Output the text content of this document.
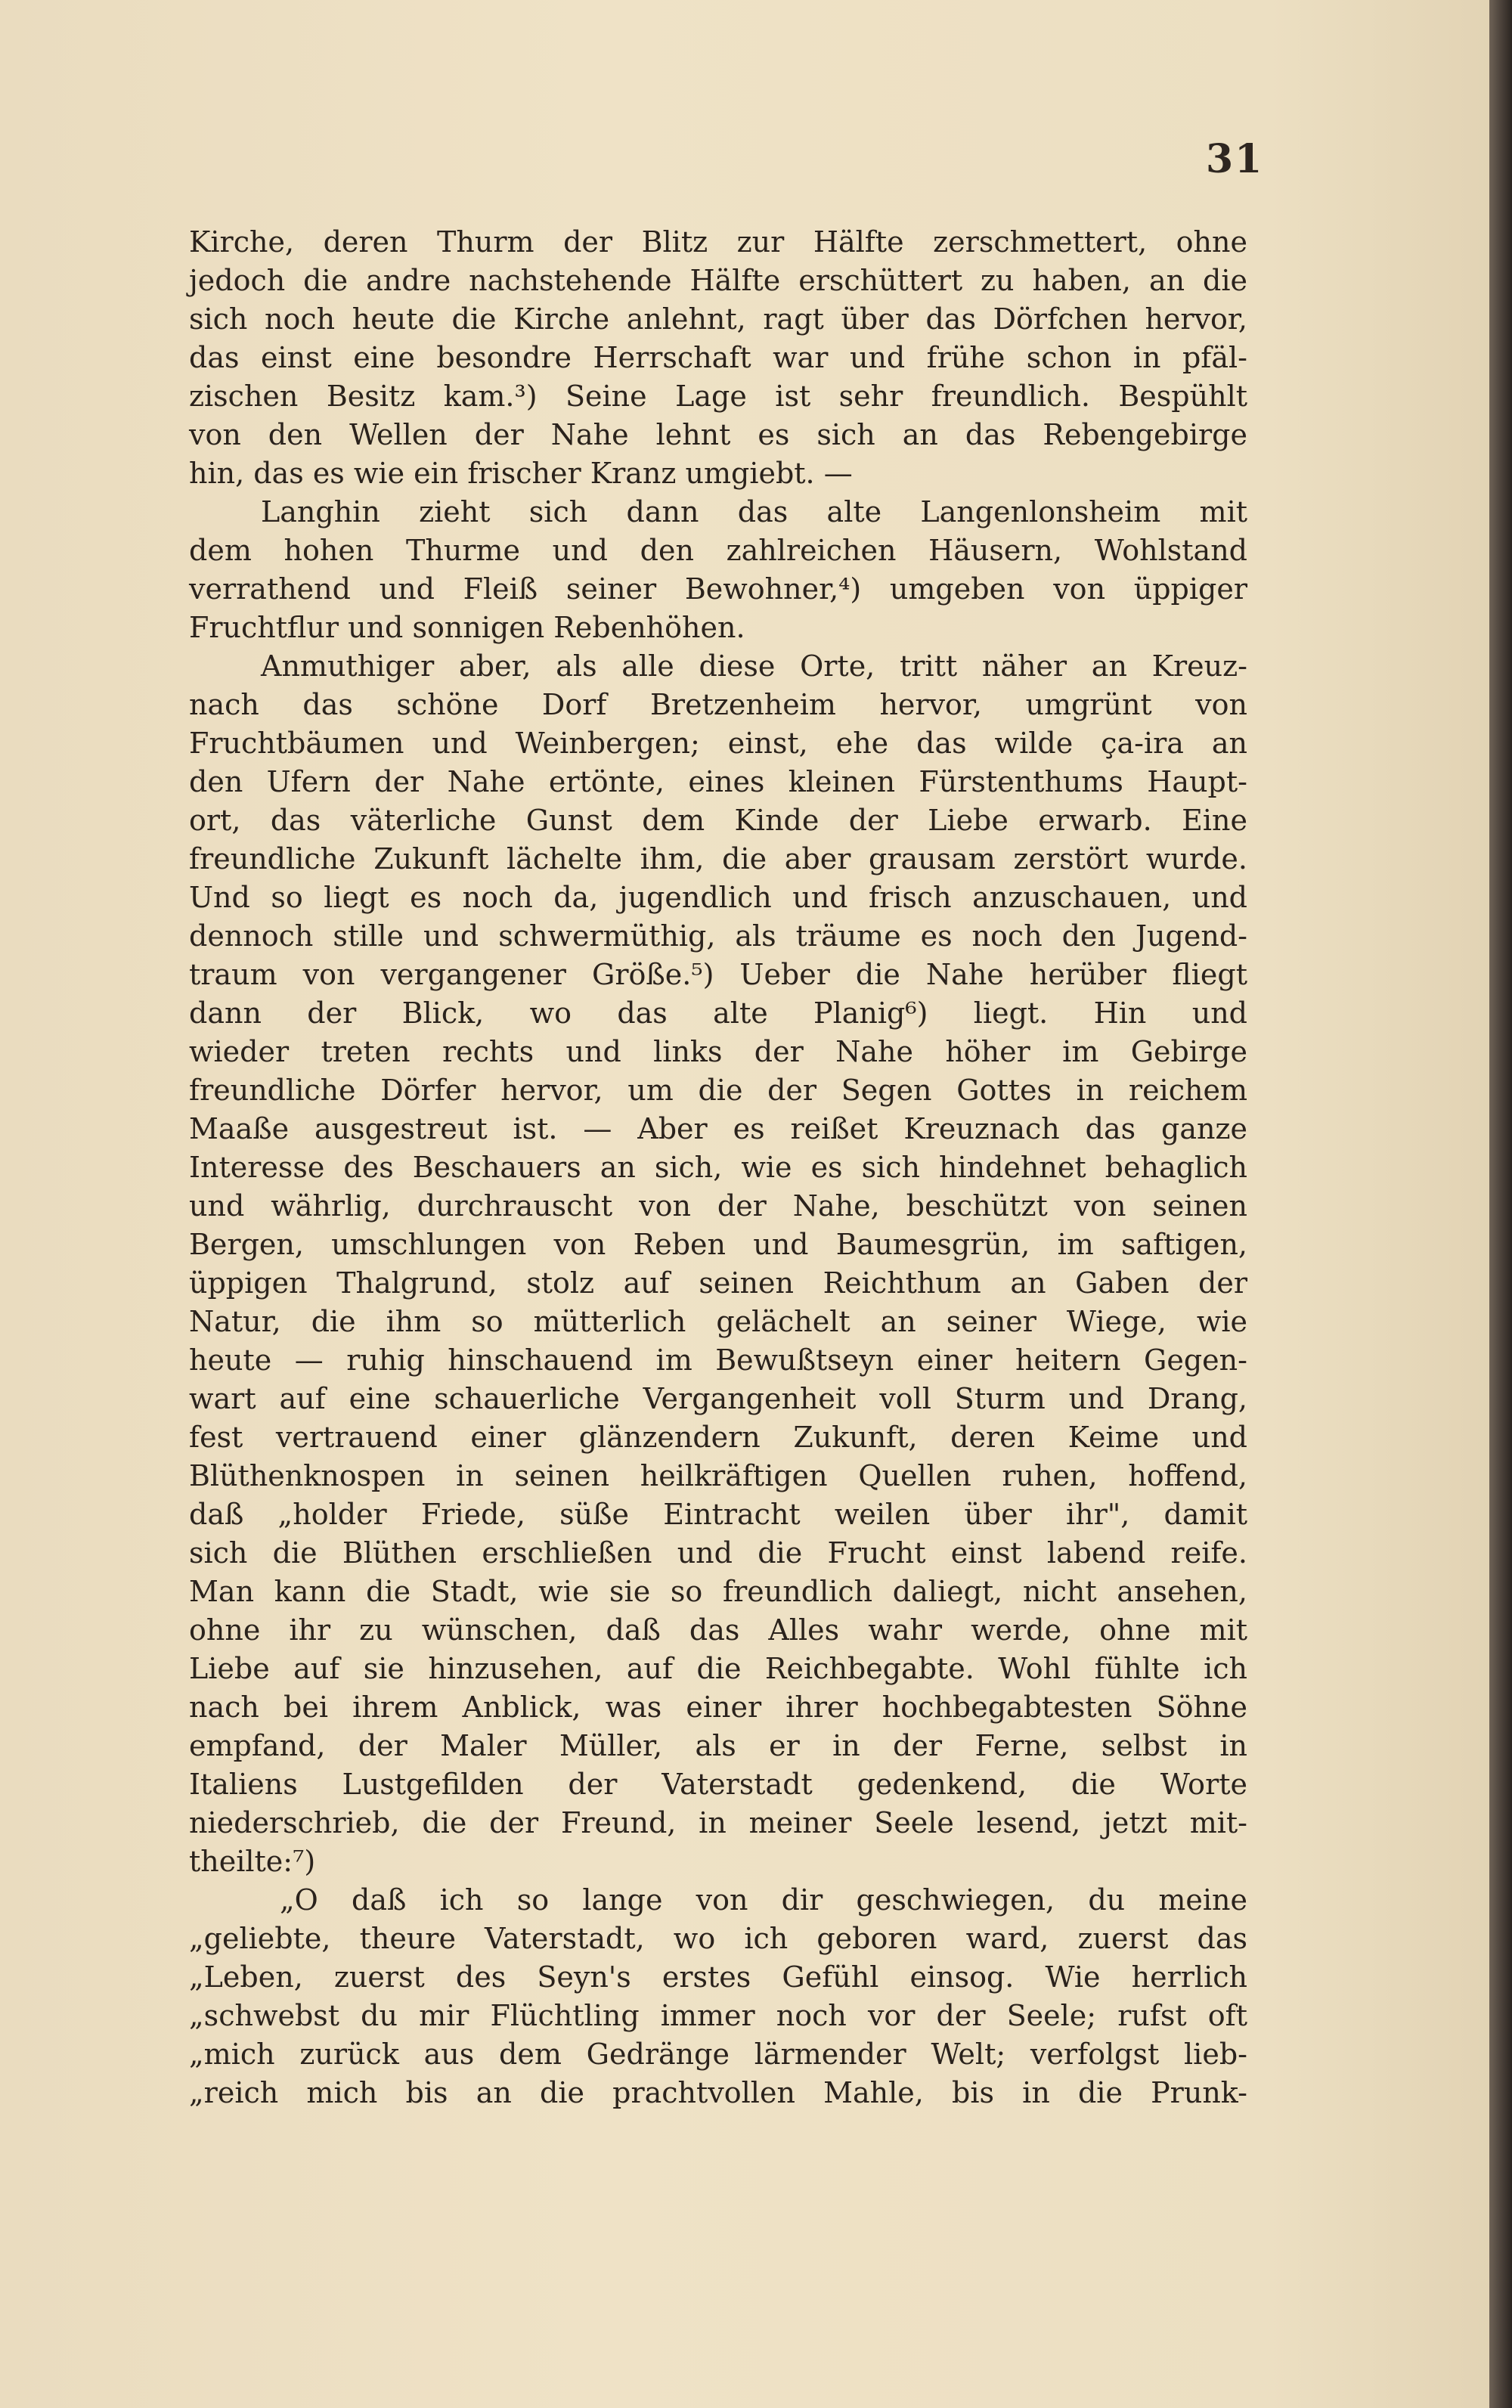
31
Kirche, deren Thurm der Blitz zur Hälfte zerschmettert, ohne
jedoch die andre nachstehende Hälfte erschüttert zu haben, an die
sich noch heute die Kirche anlehnt, ragt über das Dörfchen hervor,
das einst eine besondre Herrschaft war und frühe schon in pfäl-
zischen Besitz kam.³) Seine Lage ist sehr freundlich. Bespühlt
von den Wellen der Nahe lehnt es sich an das Rebengebirge
hin, das es wie ein frischer Kranz umgiebt. —
Langhin zieht sich dann das alte Langenlonsheim mit
dem hohen Thurme und den zahlreichen Häusern, Wohlstand
verrathend und Fleiß seiner Bewohner,⁴) umgeben von üppiger
Fruchtflur und sonnigen Rebenhöhen.
Anmuthiger aber, als alle diese Orte, tritt näher an Kreuz-
nach das schöne Dorf Bretzenheim hervor, umgrünt von
Fruchtbäumen und Weinbergen; einst, ehe das wilde ça-ira an
den Ufern der Nahe ertönte, eines kleinen Fürstenthums Haupt-
ort, das väterliche Gunst dem Kinde der Liebe erwarb. Eine
freundliche Zukunft lächelte ihm, die aber grausam zerstört wurde.
Und so liegt es noch da, jugendlich und frisch anzuschauen, und
dennoch stille und schwermüthig, als träume es noch den Jugend-
traum von vergangener Größe.⁵) Ueber die Nahe herüber fliegt
dann der Blick, wo das alte Planig⁶) liegt. Hin und
wieder treten rechts und links der Nahe höher im Gebirge
freundliche Dörfer hervor, um die der Segen Gottes in reichem
Maaße ausgestreut ist. — Aber es reißet Kreuznach das ganze
Interesse des Beschauers an sich, wie es sich hindehnet behaglich
und währlig, durchrauscht von der Nahe, beschützt von seinen
Bergen, umschlungen von Reben und Baumesgrün, im saftigen,
üppigen Thalgrund, stolz auf seinen Reichthum an Gaben der
Natur, die ihm so mütterlich gelächelt an seiner Wiege, wie
heute — ruhig hinschauend im Bewußtseyn einer heitern Gegen-
wart auf eine schauerliche Vergangenheit voll Sturm und Drang,
fest vertrauend einer glänzendern Zukunft, deren Keime und
Blüthenknospen in seinen heilkräftigen Quellen ruhen, hoffend,
daß „holder Friede, süße Eintracht weilen über ihr", damit
sich die Blüthen erschließen und die Frucht einst labend reife.
Man kann die Stadt, wie sie so freundlich daliegt, nicht ansehen,
ohne ihr zu wünschen, daß das Alles wahr werde, ohne mit
Liebe auf sie hinzusehen, auf die Reichbegabte. Wohl fühlte ich
nach bei ihrem Anblick, was einer ihrer hochbegabtesten Söhne
empfand, der Maler Müller, als er in der Ferne, selbst in
Italiens Lustgefilden der Vaterstadt gedenkend, die Worte
niederschrieb, die der Freund, in meiner Seele lesend, jetzt mit-
theilte:⁷)
„O daß ich so lange von dir geschwiegen, du meine
„geliebte, theure Vaterstadt, wo ich geboren ward, zuerst das
„Leben, zuerst des Seyn's erstes Gefühl einsog. Wie herrlich
„schwebst du mir Flüchtling immer noch vor der Seele; rufst oft
„mich zurück aus dem Gedränge lärmender Welt; verfolgst lieb-
„reich mich bis an die prachtvollen Mahle, bis in die Prunk-
